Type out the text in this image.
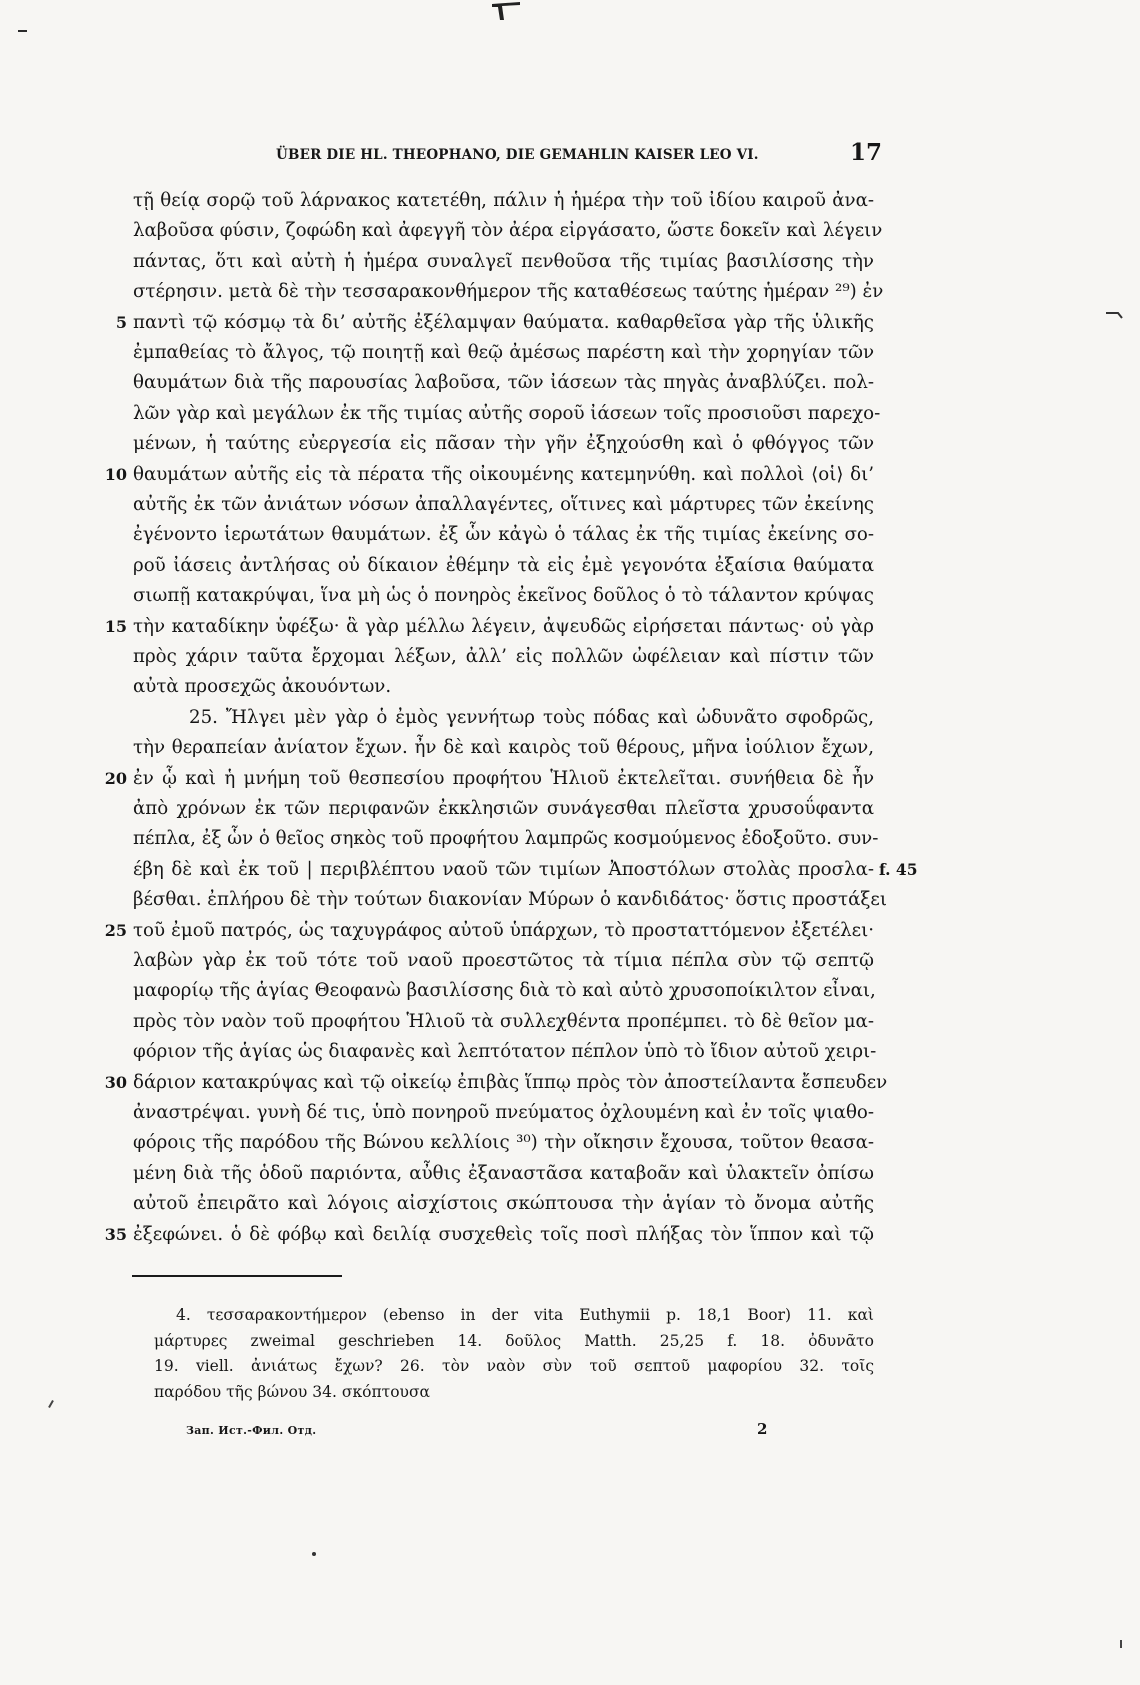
ÜBER DIE HL. THEOPHANO, DIE GEMAHLIN KAISER LEO VI.	17
τῇ θείᾳ σορῷ τοῦ λάρνακος κατετέθη, πάλιν ἡ ἡμέρα τὴν τοῦ ἰδίου καιροῦ ἀνα-
λαβοῦσα φύσιν, ζοφώδη καὶ ἀφεγγῆ τὸν ἀέρα εἰργάσατο, ὥστε δοκεῖν καὶ λέγειν
πάντας, ὅτι καὶ αὐτὴ ἡ ἡμέρα συναλγεῖ πενθοῦσα τῆς τιμίας βασιλίσσης τὴν
στέρησιν. μετὰ δὲ τὴν τεσσαρακονθήμερον τῆς καταθέσεως ταύτης ἡμέραν ²⁹) ἐν
5 παντὶ τῷ κόσμῳ τὰ δι’ αὐτῆς ἐξέλαμψαν θαύματα. καθαρθεῖσα γὰρ τῆς ὑλικῆς
ἐμπαθείας τὸ ἄλγος, τῷ ποιητῇ καὶ θεῷ ἀμέσως παρέστη καὶ τὴν χορηγίαν τῶν
θαυμάτων διὰ τῆς παρουσίας λαβοῦσα, τῶν ἰάσεων τὰς πηγὰς ἀναβλύζει. πολ-
λῶν γὰρ καὶ μεγάλων ἐκ τῆς τιμίας αὐτῆς σοροῦ ἰάσεων τοῖς προσιοῦσι παρεχο-
μένων, ἡ ταύτης εὐεργεσία εἰς πᾶσαν τὴν γῆν ἐξηχούσθη καὶ ὁ φθόγγος τῶν
10 θαυμάτων αὐτῆς εἰς τὰ πέρατα τῆς οἰκουμένης κατεμηνύθη. καὶ πολλοὶ ⟨οἱ⟩ δι’
αὐτῆς ἐκ τῶν ἀνιάτων νόσων ἀπαλλαγέντες, οἵτινες καὶ μάρτυρες τῶν ἐκείνης
ἐγένοντο ἱερωτάτων θαυμάτων. ἐξ ὧν κἀγὼ ὁ τάλας ἐκ τῆς τιμίας ἐκείνης σο-
ροῦ ἰάσεις ἀντλήσας οὐ δίκαιον ἐθέμην τὰ εἰς ἐμὲ γεγονότα ἐξαίσια θαύματα
σιωπῇ κατακρύψαι, ἵνα μὴ ὡς ὁ πονηρὸς ἐκεῖνος δοῦλος ὁ τὸ τάλαντον κρύψας
15 τὴν καταδίκην ὑφέξω· ἃ γὰρ μέλλω λέγειν, ἀψευδῶς εἰρήσεται πάντως· οὐ γὰρ
πρὸς χάριν ταῦτα ἔρχομαι λέξων, ἀλλ’ εἰς πολλῶν ὠφέλειαν καὶ πίστιν τῶν
αὐτὰ προσεχῶς ἀκουόντων.
25. Ἤλγει μὲν γὰρ ὁ ἐμὸς γεννήτωρ τοὺς πόδας καὶ ὠδυνᾶτο σφοδρῶς,
τὴν θεραπείαν ἀνίατον ἔχων. ἦν δὲ καὶ καιρὸς τοῦ θέρους, μῆνα ἰούλιον ἔχων,
20 ἐν ᾧ καὶ ἡ μνήμη τοῦ θεσπεσίου προφήτου Ἡλιοῦ ἐκτελεῖται. συνήθεια δὲ ἦν
ἀπὸ χρόνων ἐκ τῶν περιφανῶν ἐκκλησιῶν συνάγεσθαι πλεῖστα χρυσοΰφαντα
πέπλα, ἐξ ὧν ὁ θεῖος σηκὸς τοῦ προφήτου λαμπρῶς κοσμούμενος ἐδοξοῦτο. συν-
έβη δὲ καὶ ἐκ τοῦ | περιβλέπτου ναοῦ τῶν τιμίων Ἀποστόλων στολὰς προσλα- f. 45
βέσθαι. ἐπλήρου δὲ τὴν τούτων διακονίαν Μύρων ὁ κανδιδάτος· ὅστις προστάξει
25 τοῦ ἐμοῦ πατρός, ὡς ταχυγράφος αὐτοῦ ὑπάρχων, τὸ προσταττόμενον ἐξετέλει·
λαβὼν γὰρ ἐκ τοῦ τότε τοῦ ναοῦ προεστῶτος τὰ τίμια πέπλα σὺν τῷ σεπτῷ
μαφορίῳ τῆς ἁγίας Θεοφανὼ βασιλίσσης διὰ τὸ καὶ αὐτὸ χρυσοποίκιλτον εἶναι,
πρὸς τὸν ναὸν τοῦ προφήτου Ἡλιοῦ τὰ συλλεχθέντα προπέμπει. τὸ δὲ θεῖον μα-
φόριον τῆς ἁγίας ὡς διαφανὲς καὶ λεπτότατον πέπλον ὑπὸ τὸ ἴδιον αὐτοῦ χειρι-
30 δάριον κατακρύψας καὶ τῷ οἰκείῳ ἐπιβὰς ἵππῳ πρὸς τὸν ἀποστείλαντα ἔσπευδεν
ἀναστρέψαι. γυνὴ δέ τις, ὑπὸ πονηροῦ πνεύματος ὀχλουμένη καὶ ἐν τοῖς ψιαθο-
φόροις τῆς παρόδου τῆς Βώνου κελλίοις ³⁰) τὴν οἴκησιν ἔχουσα, τοῦτον θεασα-
μένη διὰ τῆς ὁδοῦ παριόντα, αὖθις ἐξαναστᾶσα καταβοᾶν καὶ ὑλακτεῖν ὀπίσω
αὐτοῦ ἐπειρᾶτο καὶ λόγοις αἰσχίστοις σκώπτουσα τὴν ἁγίαν τὸ ὄνομα αὐτῆς
35 ἐξεφώνει. ὁ δὲ φόβῳ καὶ δειλίᾳ συσχεθεὶς τοῖς ποσὶ πλήξας τὸν ἵππον καὶ τῷ
4. τεσσαρακοντήμερον (ebenso in der vita Euthymii p. 18,1 Boor) 11. καὶ
μάρτυρες zweimal geschrieben 14. δοῦλος Matth. 25,25 f. 18. ὀδυνᾶτο
19. viell. ἀνιάτως ἔχων? 26. τὸν ναὸν σὺν τοῦ σεπτοῦ μαφορίου 32. τοῖς
παρόδου τῆς βώνου 34. σκόπτουσα
Зап. Ист.-Фил. Отд.	2
